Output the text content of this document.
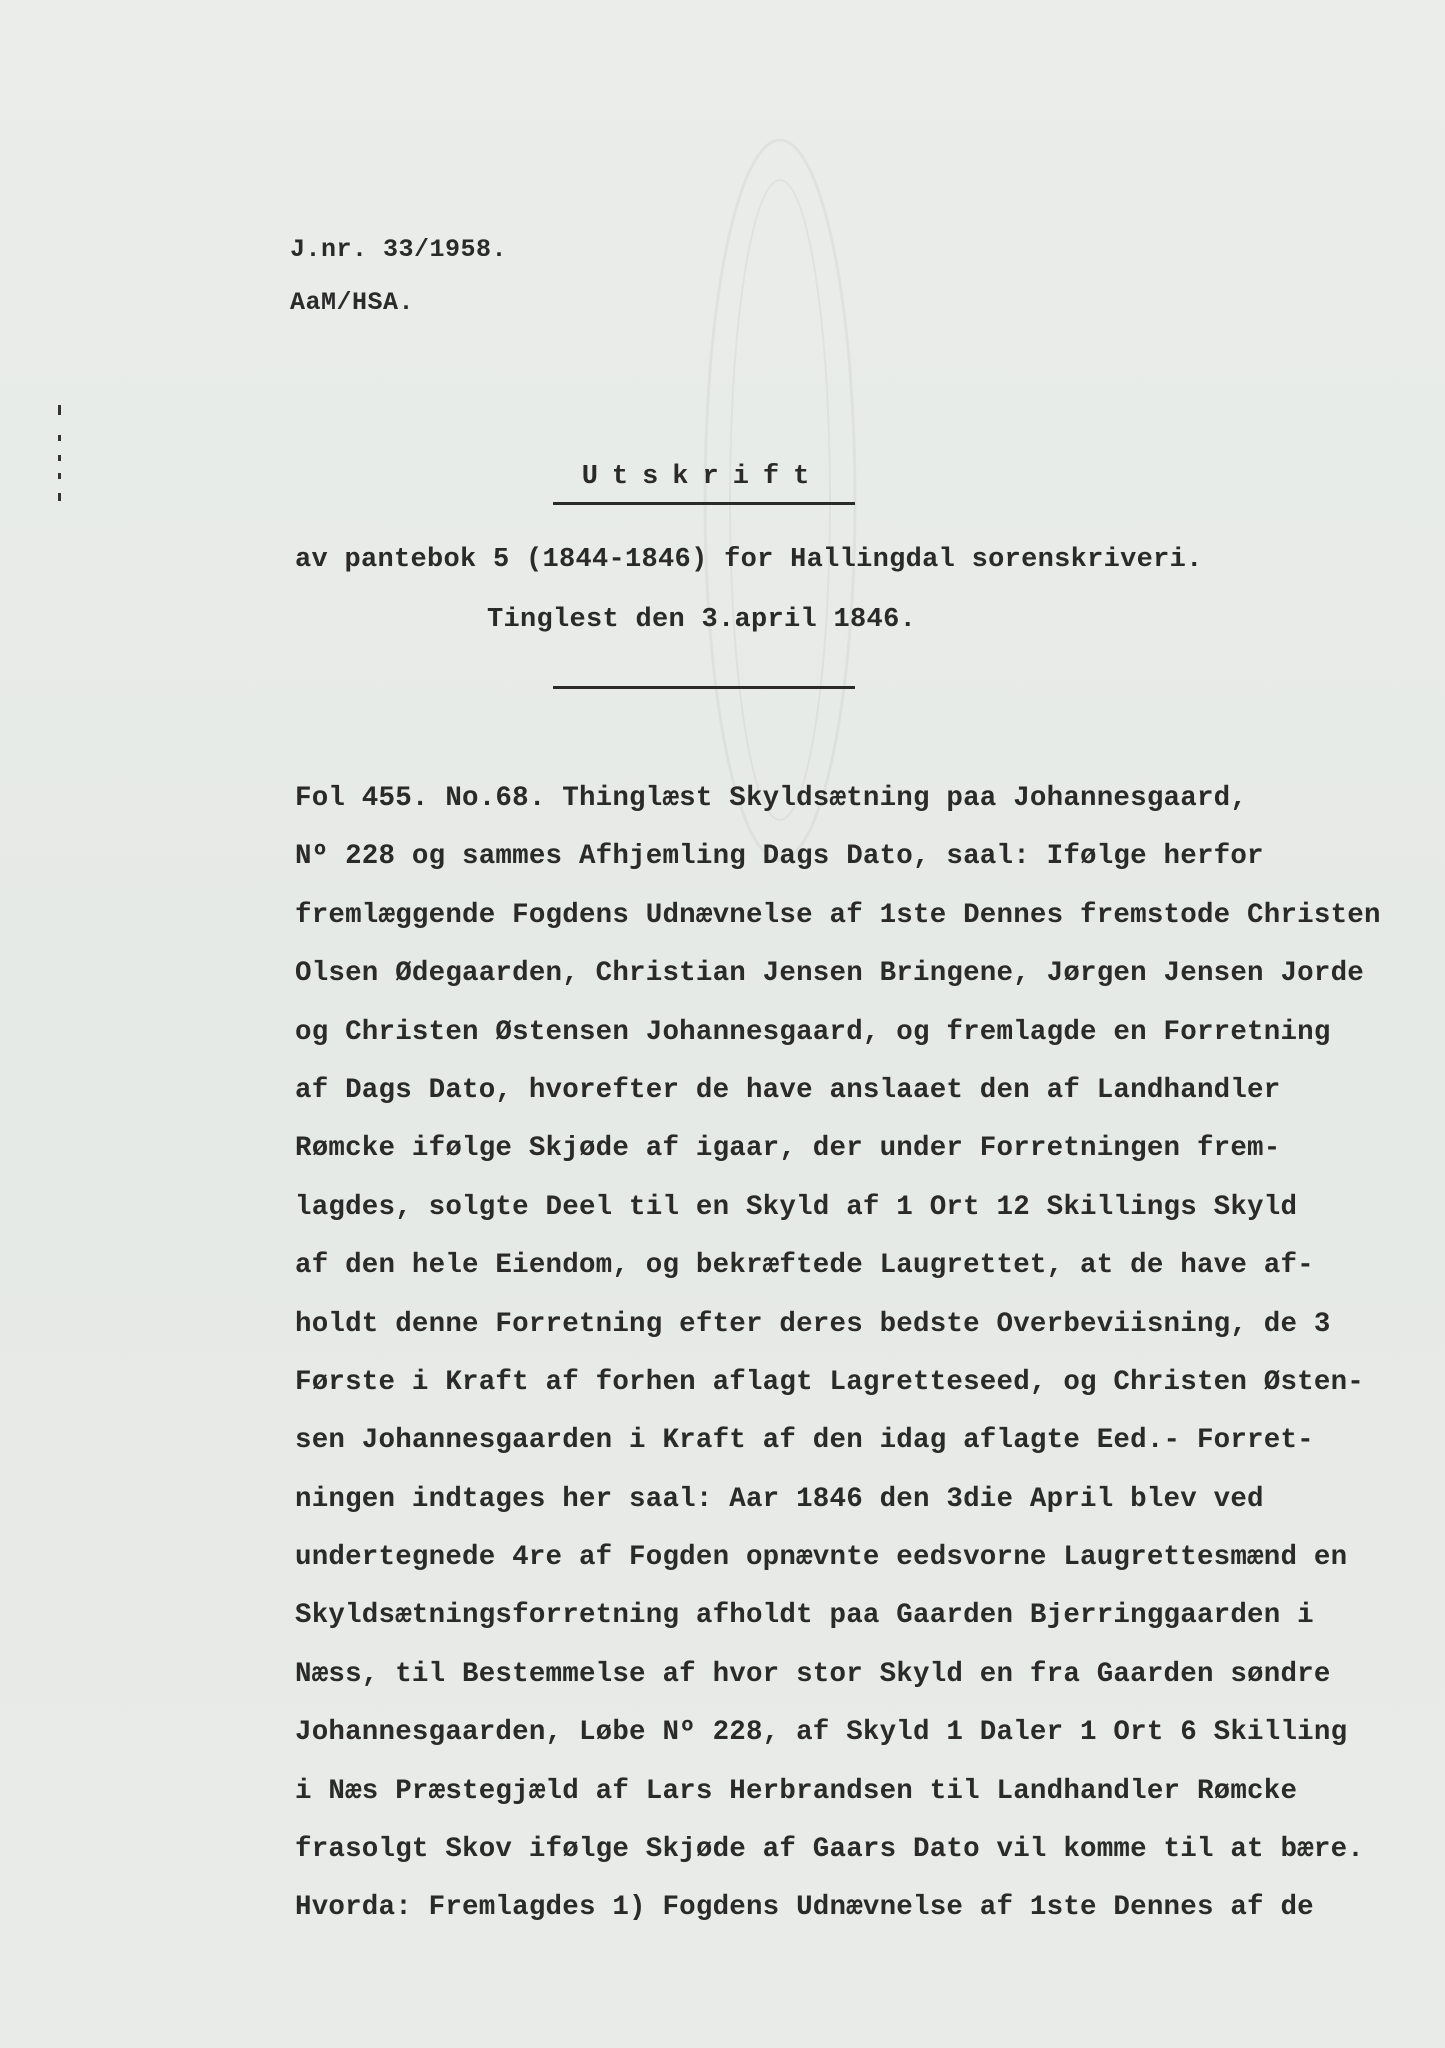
J.nr. 33/1958.
AaM/HSA.
Utskrift
av pantebok 5 (1844-1846) for Hallingdal sorenskriveri.
Tinglest den 3.april 1846.
Fol 455. No.68. Thinglæst Skyldsætning paa Johannesgaard,
Nº 228 og sammes Afhjemling Dags Dato, saal: Ifølge herfor
fremlæggende Fogdens Udnævnelse af 1ste Dennes fremstode Christen
Olsen Ødegaarden, Christian Jensen Bringene, Jørgen Jensen Jorde
og Christen Østensen Johannesgaard, og fremlagde en Forretning
af Dags Dato, hvorefter de have anslaaet den af Landhandler
Rømcke ifølge Skjøde af igaar, der under Forretningen frem-
lagdes, solgte Deel til en Skyld af 1 Ort 12 Skillings Skyld
af den hele Eiendom, og bekræftede Laugrettet, at de have af-
holdt denne Forretning efter deres bedste Overbeviisning, de 3
Første i Kraft af forhen aflagt Lagretteseed, og Christen Østen-
sen Johannesgaarden i Kraft af den idag aflagte Eed.- Forret-
ningen indtages her saal: Aar 1846 den 3die April blev ved
undertegnede 4re af Fogden opnævnte eedsvorne Laugrettesmænd en
Skyldsætningsforretning afholdt paa Gaarden Bjerringgaarden i
Næss, til Bestemmelse af hvor stor Skyld en fra Gaarden søndre
Johannesgaarden, Løbe Nº 228, af Skyld 1 Daler 1 Ort 6 Skilling
i Næs Præstegjæld af Lars Herbrandsen til Landhandler Rømcke
frasolgt Skov ifølge Skjøde af Gaars Dato vil komme til at bære.
Hvorda: Fremlagdes 1) Fogdens Udnævnelse af 1ste Dennes af de
